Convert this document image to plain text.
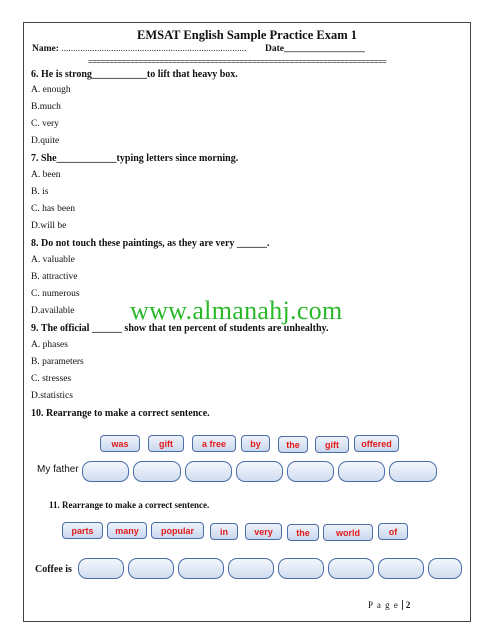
EMSAT English Sample Practice Exam 1
Name: .............................................................................. Date_________________
=======================================================================
6. He is strong___________to lift that heavy box.
A. enough
B.much
C. very
D.quite
7. She____________typing letters since morning.
A. been
B. is
C. has been
D.will be
8. Do not touch these paintings, as they are very ______.
A. valuable
B. attractive
C. numerous
D.available
9. The official ______ show that ten percent of students are unhealthy.
A. phases
B. parameters
C. stresses
D.statistics
www.almanahj.com
10. Rearrange to make a correct sentence.
was	gift	a free	by	the	gift	offered
My father
11. Rearrange to make a correct sentence.
parts	many	popular	in	very	the	world	of
Coffee is
P a g e 2
